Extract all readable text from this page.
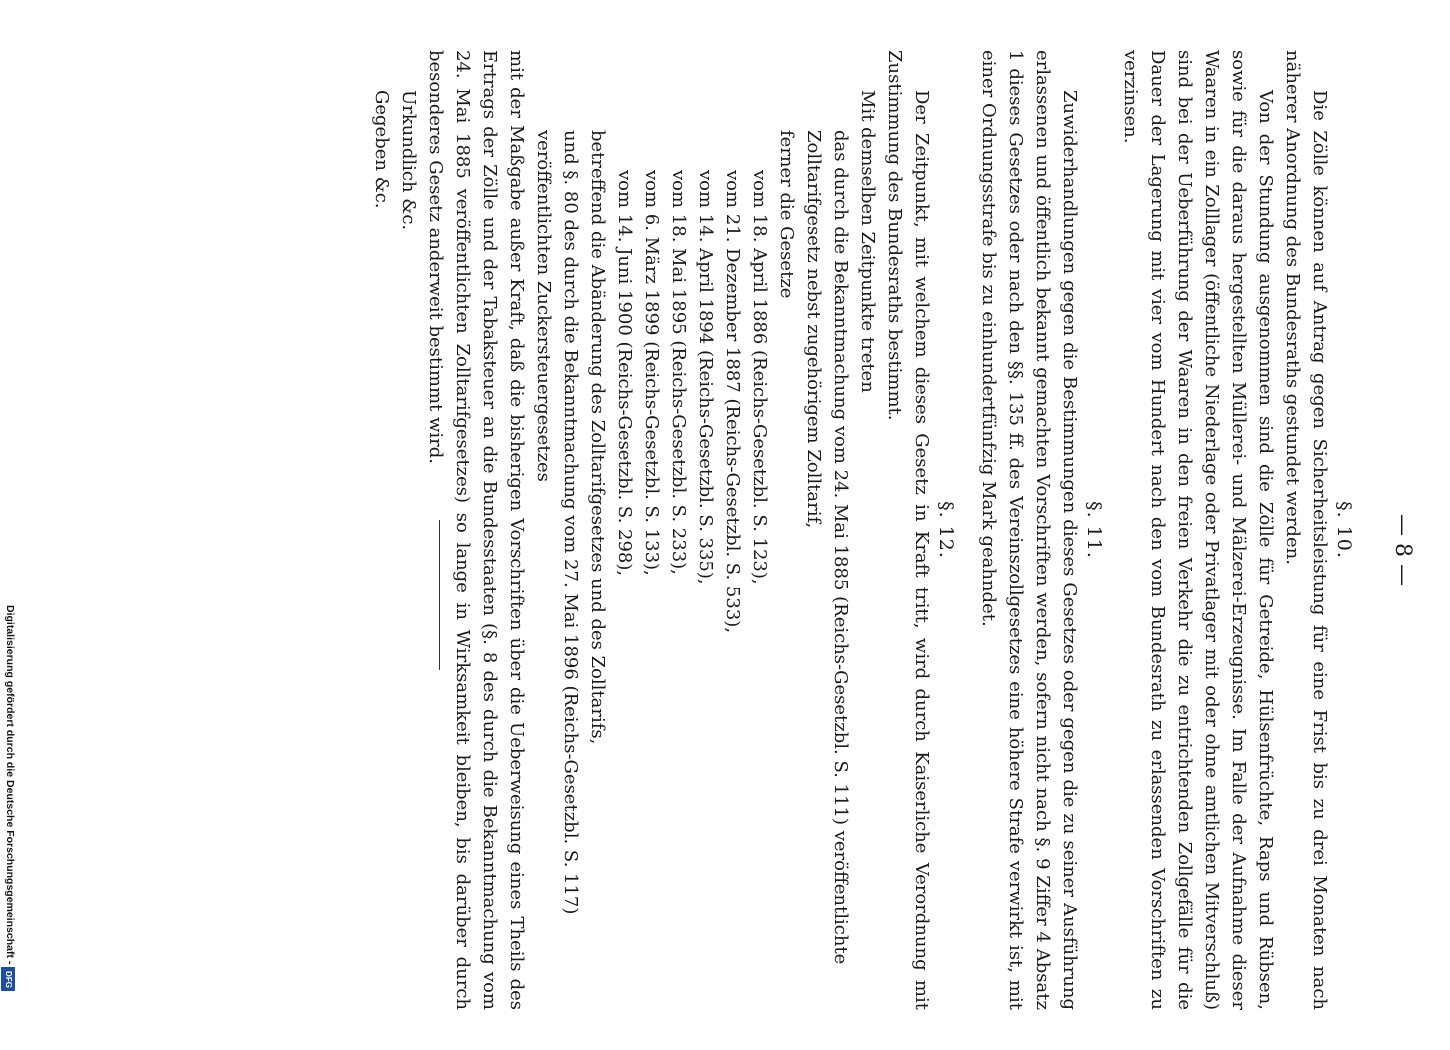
Digitalisierung gefördert durch die Deutsche Forschungsgemeinschaft -
DFG
— 8 —
§. 10.

Die Zölle können auf Antrag gegen Sicherheitsleistung für eine Frist bis zu drei Monaten nach näherer Anordnung des Bundesraths gestundet werden.

Von der Stundung ausgenommen sind die Zölle für Getreide, Hülsenfrüchte, Raps und Rübsen, sowie für die daraus hergestellten Müllerei- und Mälzerei-Erzeugnisse. Im Falle der Aufnahme dieser Waaren in ein Zolllager (öffentliche Niederlage oder Privatlager mit oder ohne amtlichen Mitverschluß) sind bei der Ueberführung der Waaren in den freien Verkehr die zu entrichtenden Zollgefälle für die Dauer der Lagerung mit vier vom Hundert nach den vom Bundesrath zu erlassenden Vorschriften zu verzinsen.

§. 11.

Zuwiderhandlungen gegen die Bestimmungen dieses Gesetzes oder gegen die zu seiner Ausführung erlassenen und öffentlich bekannt gemachten Vorschriften werden, sofern nicht nach §. 9 Ziffer 4 Absatz 1 dieses Gesetzes oder nach den §§. 135 ff. des Vereinszollgesetzes eine höhere Strafe verwirkt ist, mit einer Ordnungsstrafe bis zu einhundertfünfzig Mark geahndet.

§. 12.

Der Zeitpunkt, mit welchem dieses Gesetz in Kraft tritt, wird durch Kaiserliche Verordnung mit Zustimmung des Bundesraths bestimmt.

Mit demselben Zeitpunkte treten

das durch die Bekanntmachung vom 24. Mai 1885 (Reichs-Gesetzbl. S. 111) veröffentlichte Zolltarifgesetz nebst zugehörigem Zolltarif,
ferner die Gesetze
vom 18. April 1886 (Reichs-Gesetzbl. S. 123),
vom 21. Dezember 1887 (Reichs-Gesetzbl. S. 533),
vom 14. April 1894 (Reichs-Gesetzbl. S. 335),
vom 18. Mai 1895 (Reichs-Gesetzbl. S. 233),
vom 6. März 1899 (Reichs-Gesetzbl. S. 133),
vom 14. Juni 1900 (Reichs-Gesetzbl. S. 298),
betreffend die Abänderung des Zolltarifgesetzes und des Zolltarifs,
und §. 80 des durch die Bekanntmachung vom 27. Mai 1896 (Reichs-Gesetzbl. S. 117) veröffentlichten Zuckersteuergesetzes

mit der Maßgabe außer Kraft, daß die bisherigen Vorschriften über die Ueberweisung eines Theils des Ertrags der Zölle und der Tabaksteuer an die Bundesstaaten (§. 8 des durch die Bekanntmachung vom 24. Mai 1885 veröffentlichten Zolltarifgesetzes) so lange in Wirksamkeit bleiben, bis darüber durch besonderes Gesetz anderweit bestimmt wird.

Urkundlich &c.
Gegeben &c.
